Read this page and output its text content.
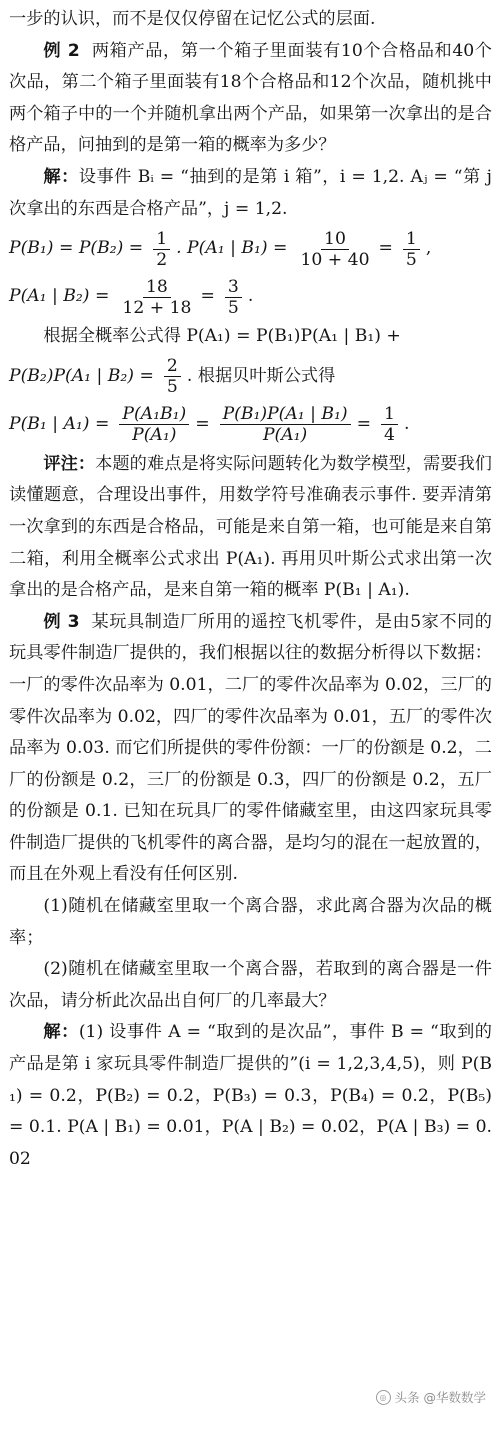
一步的认识，而不是仅仅停留在记忆公式的层面.

例 2 两箱产品，第一个箱子里面装有10个合格品和40个次品，第二个箱子里面装有18个合格品和12个次品，随机挑中两个箱子中的一个并随机拿出两个产品，如果第一次拿出的是合格产品，问抽到的是第一箱的概率为多少？

解：设事件 Bᵢ = “抽到的是第 i 箱”，i = 1,2. Aⱼ = “第 j 次拿出的东西是合格产品”，j = 1,2.

$P(B_1) = P(B_2) = \frac{1}{2}$ . P(A₁ | $B_1) = \frac{10}{10 + 40} = \frac{1}{5}$ ,
P(A₁ | $B_2) = \frac{18}{12 + 18} = \frac{3}{5}$ .

根据全概率公式得 P(A₁) = P(B₁)P(A₁ | B₁) +

P(B₂)P(A₁ | $B_2) = \frac{2}{5}$ . 根据贝叶斯公式得
P(B₁ | $A_1) = \frac{\text{P(A₁B₁)}}{\text{P(A₁)}} = \frac{\text{P(B₁)P(A₁ | B₁)}}{\text{P(A₁)}} = \frac{1}{4}$ .

评注：本题的难点是将实际问题转化为数学模型，需要我们读懂题意，合理设出事件，用数学符号准确表示事件. 要弄清第一次拿到的东西是合格品，可能是来自第一箱，也可能是来自第二箱，利用全概率公式求出 P(A₁). 再用贝叶斯公式求出第一次拿出的是合格产品，是来自第一箱的概率 P(B₁ | A₁).

例 3 某玩具制造厂所用的遥控飞机零件，是由5家不同的玩具零件制造厂提供的，我们根据以往的数据分析得以下数据：一厂的零件次品率为 0.01，二厂的零件次品率为 0.02，三厂的零件次品率为 0.02，四厂的零件次品率为 0.01，五厂的零件次品率为 0.03. 而它们所提供的零件份额：一厂的份额是 0.2，二厂的份额是 0.2，三厂的份额是 0.3，四厂的份额是 0.2，五厂的份额是 0.1. 已知在玩具厂的零件储藏室里，由这四家玩具零件制造厂提供的飞机零件的离合器，是均匀的混在一起放置的，而且在外观上看没有任何区别.

(1)随机在储藏室里取一个离合器，求此离合器为次品的概率；

(2)随机在储藏室里取一个离合器，若取到的离合器是一件次品，请分析此次品出自何厂的几率最大？

解：(1) 设事件 A = “取到的是次品”，事件 B = “取到的产品是第 i 家玩具零件制造厂提供的”(i = 1,2,3,4,5)，则 P(B₁) = 0.2，P(B₂) = 0.2，P(B₃) = 0.3，P(B₄) = 0.2，P(B₅) = 0.1. P(A | B₁) = 0.01，P(A | B₂) = 0.02，P(A | B₃) = 0.02

◎ 头条 @华数数学
